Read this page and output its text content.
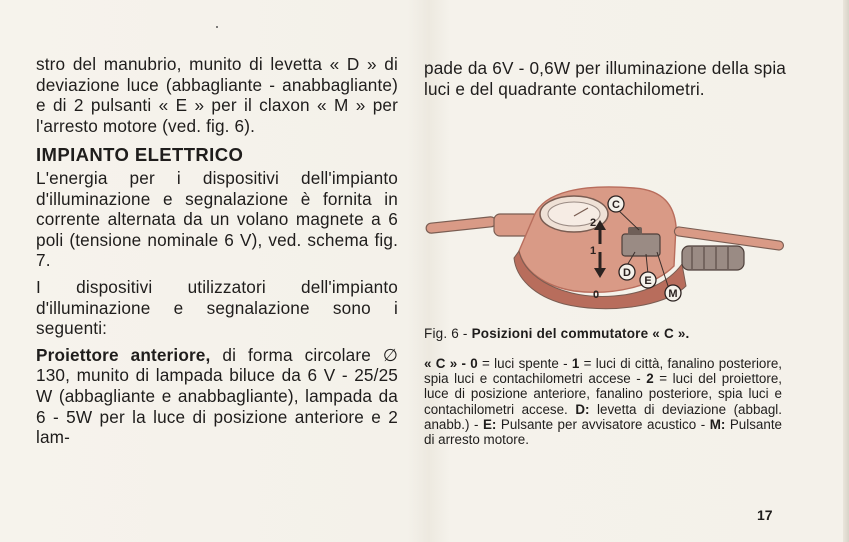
stro del manubrio, munito di levetta « D » di deviazione luce (abbagliante - anabbagliante) e di 2 pulsanti « E » per il claxon « M » per l'arresto motore (ved. fig. 6).

IMPIANTO ELETTRICO

L'energia per i dispositivi dell'impianto d'illuminazione e segnalazione è fornita in corrente alternata da un volano magnete a 6 poli (tensione nominale 6 V), ved. schema fig. 7.

I dispositivi utilizzatori dell'impianto d'illuminazione e segnalazione sono i seguenti:

Proiettore anteriore, di forma circolare ∅ 130, munito di lampada biluce da 6 V - 25/25 W (abbagliante e anabbagliante), lampada da 6 - 5W per la luce di posizione anteriore e 2 lam-

pade da 6V - 0,6W per illuminazione della spia luci e del quadrante contachilometri.

2
1
0
C
D
E
M
Fig. 6 - Posizioni del commutatore « C ».
« C » - 0 = luci spente - 1 = luci di città, fanalino posteriore, spia luci e contachilometri accese - 2 = luci del proiettore, luce di posizione anteriore, fanalino posteriore, spia luci e contachilometri accese. D: levetta di deviazione (abbagl. anabb.) - E: Pulsante per avvisatore acustico - M: Pulsante di arresto motore.
17
